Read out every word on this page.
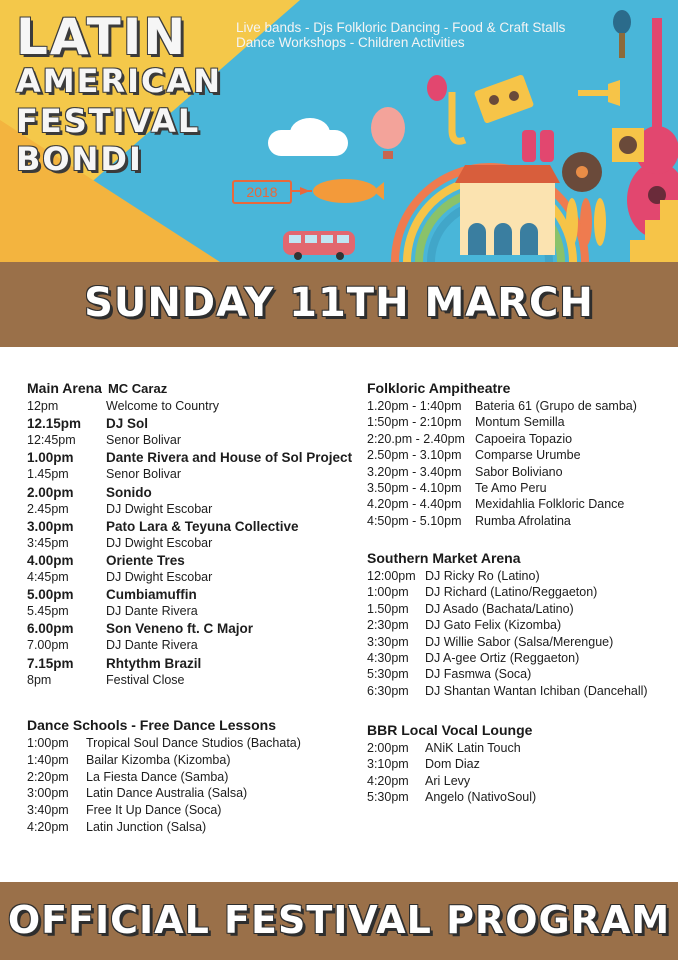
LATIN
AMERICAN
FESTIVAL
BONDI
Live bands - Djs Folkloric Dancing - Food & Craft Stalls
Dance Workshops - Children Activities
2018
SUNDAY 11TH MARCH
Main Arena MC Caraz
12pm	Welcome to Country
12.15pm DJ Sol
12:45pm Senor Bolivar
1.00pm Dante Rivera and House of Sol Project
1.45pm	Senor Bolivar
2.00pm Sonido
2.45pm	DJ Dwight Escobar
3.00pm Pato Lara & Teyuna Collective
3:45pm	DJ Dwight Escobar
4.00pm Oriente Tres
4:45pm	DJ Dwight Escobar
5.00pm Cumbiamuffin
5.45pm	DJ Dante Rivera
6.00pm Son Veneno ft. C Major
7.00pm	DJ Dante Rivera
7.15pm Rhtythm Brazil
8pm	Festival Close
Dance Schools - Free Dance Lessons
1:00pm Tropical Soul Dance Studios (Bachata)
1:40pm Bailar Kizomba (Kizomba)
2:20pm La Fiesta Dance (Samba)
3:00pm Latin Dance Australia (Salsa)
3:40pm Free It Up Dance (Soca)
4:20pm Latin Junction (Salsa)
Folkloric Ampitheatre
1.20pm - 1:40pm Bateria 61 (Grupo de samba)
1:50pm - 2:10pm Montum Semilla
2:20.pm - 2.40pm Capoeira Topazio
2.50pm - 3.10pm Comparse Urumbe
3.20pm - 3.40pm Sabor Boliviano
3.50pm - 4.10pm Te Amo Peru
4.20pm - 4.40pm Mexidahlia Folkloric Dance
4:50pm - 5.10pm Rumba Afrolatina
Southern Market Arena
12:00pm DJ Ricky Ro (Latino)
1:00pm DJ Richard (Latino/Reggaeton)
1.50pm DJ Asado (Bachata/Latino)
2:30pm DJ Gato Felix (Kizomba)
3:30pm DJ Willie Sabor (Salsa/Merengue)
4:30pm DJ A-gee Ortiz (Reggaeton)
5:30pm DJ Fasmwa (Soca)
6:30pm DJ Shantan Wantan Ichiban (Dancehall)
BBR Local Vocal Lounge
2:00pm ANiK Latin Touch
3:10pm Dom Diaz
4:20pm Ari Levy
5:30pm Angelo (NativoSoul)
OFFICIAL FESTIVAL PROGRAM
